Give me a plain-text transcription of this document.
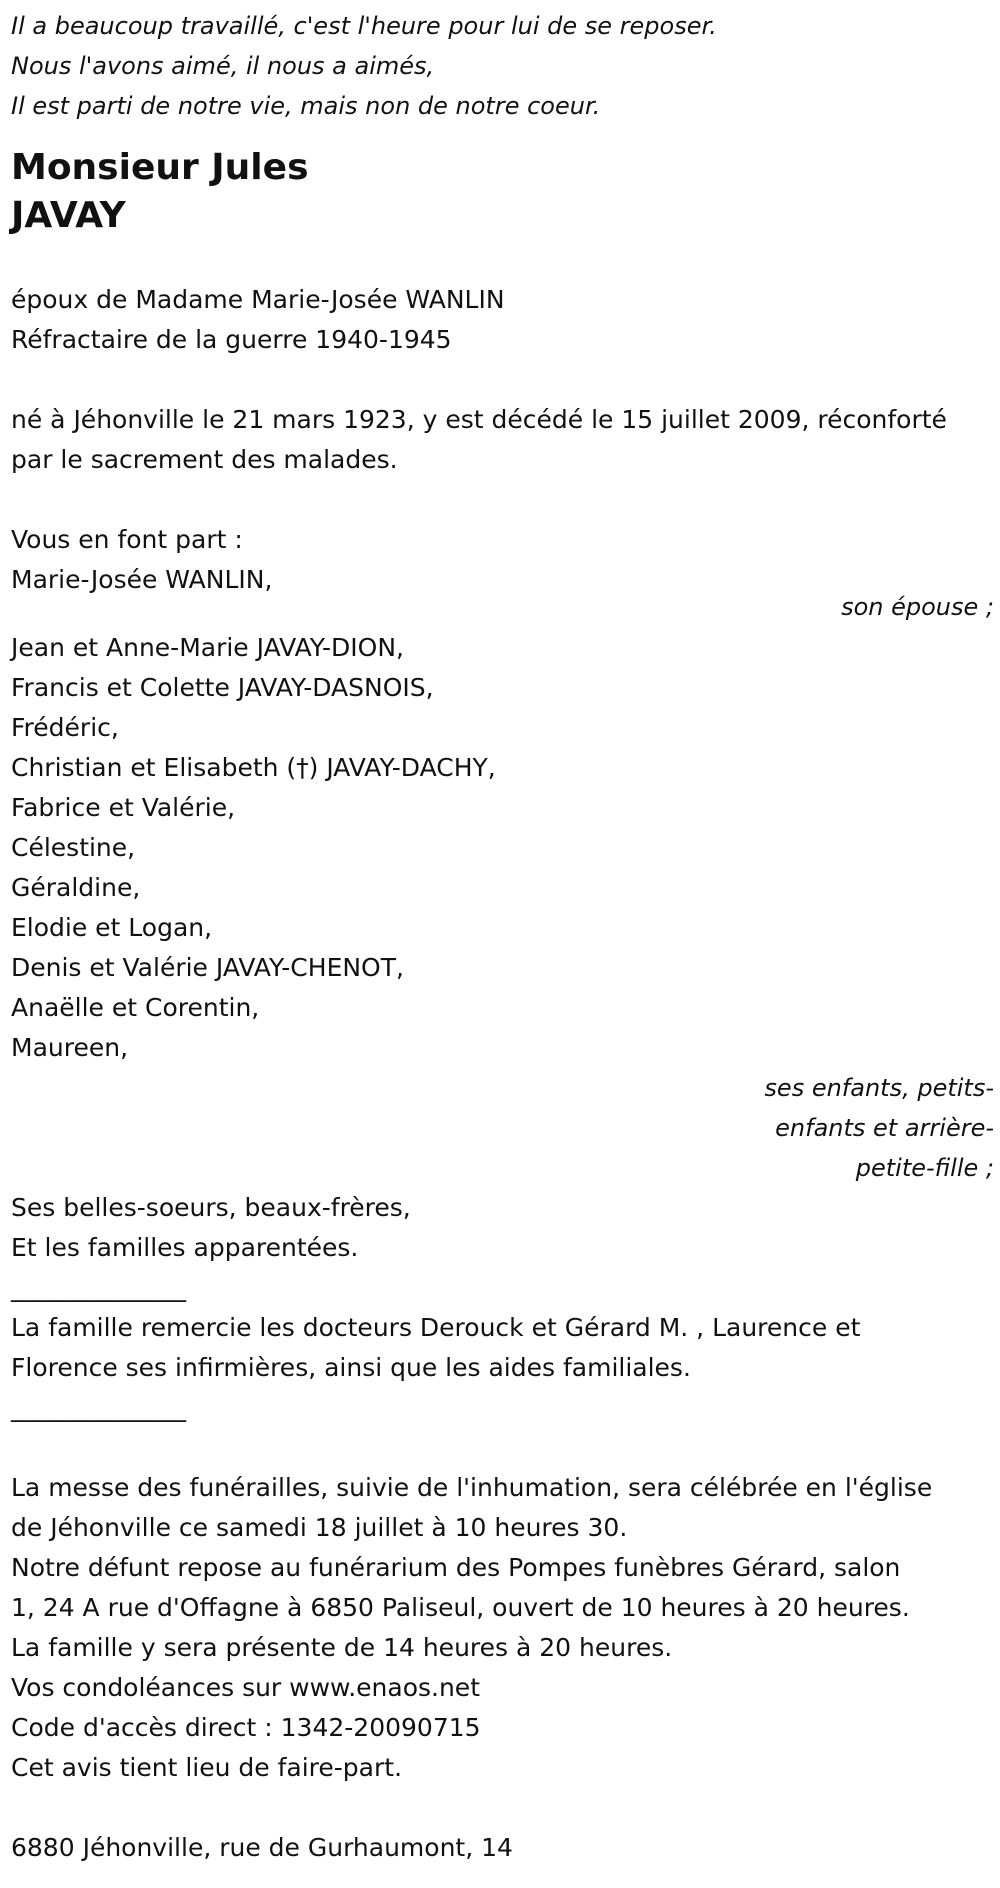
Il a beaucoup travaillé, c'est l'heure pour lui de se reposer.
Nous l'avons aimé, il nous a aimés,
Il est parti de notre vie, mais non de notre coeur.
Monsieur Jules
JAVAY
époux de Madame Marie-Josée WANLIN
Réfractaire de la guerre 1940-1945
né à Jéhonville le 21 mars 1923, y est décédé le 15 juillet 2009, réconforté
par le sacrement des malades.
Vous en font part :
Marie-Josée WANLIN,
son épouse ;
Jean et Anne-Marie JAVAY-DION,
Francis et Colette JAVAY-DASNOIS,
Frédéric,
Christian et Elisabeth (†) JAVAY-DACHY,
Fabrice et Valérie,
Célestine,
Géraldine,
Elodie et Logan,
Denis et Valérie JAVAY-CHENOT,
Anaëlle et Corentin,
Maureen,
ses enfants, petits-
enfants et arrière-
petite-fille ;
Ses belles-soeurs, beaux-frères,
Et les familles apparentées.
______________
La famille remercie les docteurs Derouck et Gérard M. , Laurence et
Florence ses infirmières, ainsi que les aides familiales.
______________
La messe des funérailles, suivie de l'inhumation, sera célébrée en l'église
de Jéhonville ce samedi 18 juillet à 10 heures 30.
Notre défunt repose au funérarium des Pompes funèbres Gérard, salon
1, 24 A rue d'Offagne à 6850 Paliseul, ouvert de 10 heures à 20 heures.
La famille y sera présente de 14 heures à 20 heures.
Vos condoléances sur www.enaos.net
Code d'accès direct : 1342-20090715
Cet avis tient lieu de faire-part.
6880 Jéhonville, rue de Gurhaumont, 14
